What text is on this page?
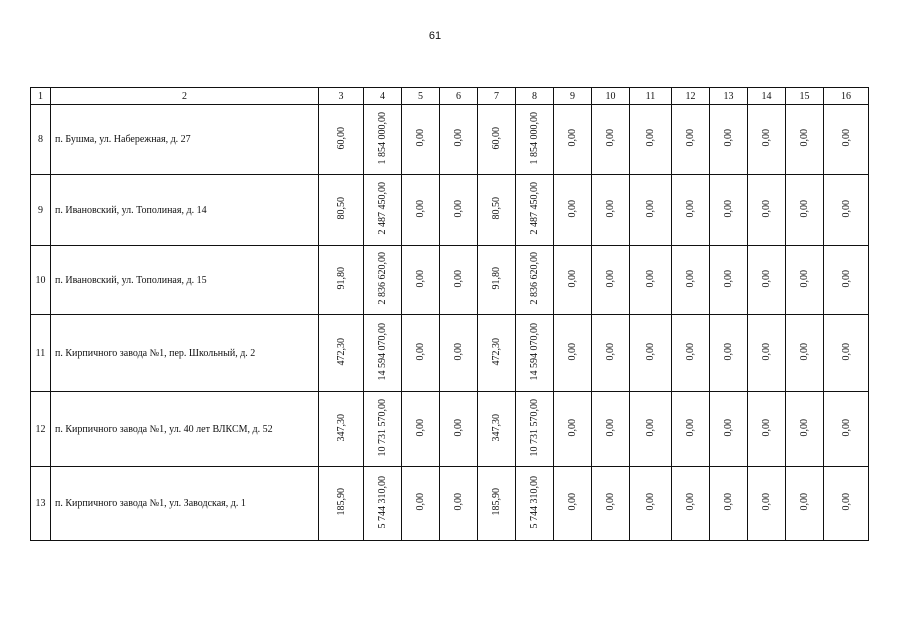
61
1	2	3	4	5	6	7	8	9	10	11	12	13	14	15	16
8	п. Бушма, ул. Набережная, д. 27	60,00	1 854 000,00	0,00	0,00	60,00	1 854 000,00	0,00	0,00	0,00	0,00	0,00	0,00	0,00	0,00
9	п. Ивановский, ул. Тополиная, д. 14	80,50	2 487 450,00	0,00	0,00	80,50	2 487 450,00	0,00	0,00	0,00	0,00	0,00	0,00	0,00	0,00
10	п. Ивановский, ул. Тополиная, д. 15	91,80	2 836 620,00	0,00	0,00	91,80	2 836 620,00	0,00	0,00	0,00	0,00	0,00	0,00	0,00	0,00
11	п. Кирпичного завода №1, пер. Школьный, д. 2	472,30	14 594 070,00	0,00	0,00	472,30	14 594 070,00	0,00	0,00	0,00	0,00	0,00	0,00	0,00	0,00
12	п. Кирпичного завода №1, ул. 40 лет ВЛКСМ, д. 52	347,30	10 731 570,00	0,00	0,00	347,30	10 731 570,00	0,00	0,00	0,00	0,00	0,00	0,00	0,00	0,00
13	п. Кирпичного завода №1, ул. Заводская, д. 1	185,90	5 744 310,00	0,00	0,00	185,90	5 744 310,00	0,00	0,00	0,00	0,00	0,00	0,00	0,00	0,00
